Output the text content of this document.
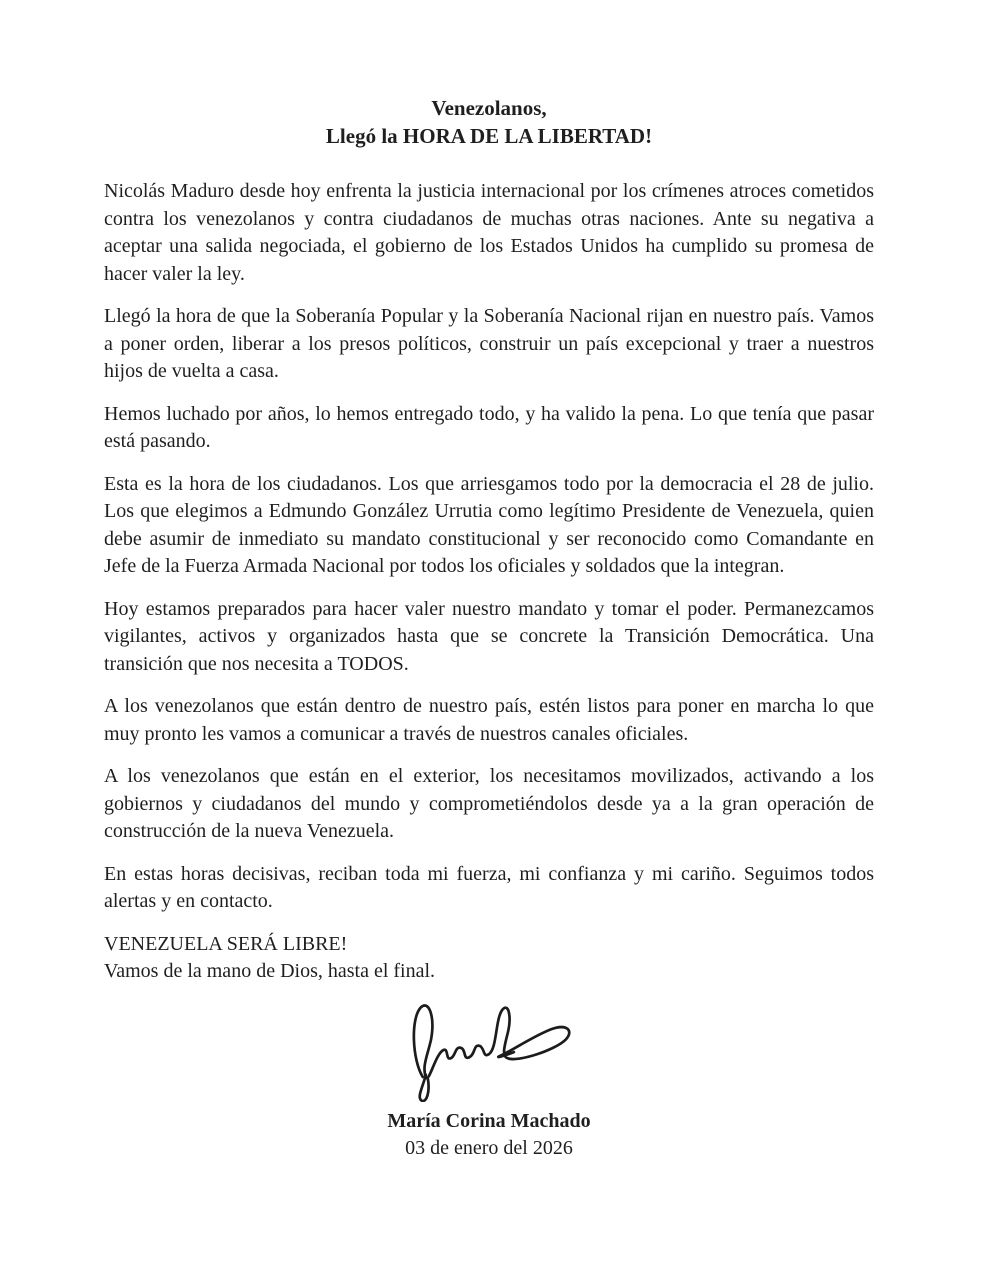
Venezolanos,
Llegó la HORA DE LA LIBERTAD!

Nicolás Maduro desde hoy enfrenta la justicia internacional por los crímenes atroces cometidos contra los venezolanos y contra ciudadanos de muchas otras naciones. Ante su negativa a aceptar una salida negociada, el gobierno de los Estados Unidos ha cumplido su promesa de hacer valer la ley.

Llegó la hora de que la Soberanía Popular y la Soberanía Nacional rijan en nuestro país. Vamos a poner orden, liberar a los presos políticos, construir un país excepcional y traer a nuestros hijos de vuelta a casa.

Hemos luchado por años, lo hemos entregado todo, y ha valido la pena. Lo que tenía que pasar está pasando.

Esta es la hora de los ciudadanos. Los que arriesgamos todo por la democracia el 28 de julio. Los que elegimos a Edmundo González Urrutia como legítimo Presidente de Venezuela, quien debe asumir de inmediato su mandato constitucional y ser reconocido como Comandante en Jefe de la Fuerza Armada Nacional por todos los oficiales y soldados que la integran.

Hoy estamos preparados para hacer valer nuestro mandato y tomar el poder. Permanezcamos vigilantes, activos y organizados hasta que se concrete la Transición Democrática. Una transición que nos necesita a TODOS.

A los venezolanos que están dentro de nuestro país, estén listos para poner en marcha lo que muy pronto les vamos a comunicar a través de nuestros canales oficiales.

A los venezolanos que están en el exterior, los necesitamos movilizados, activando a los gobiernos y ciudadanos del mundo y comprometiéndolos desde ya a la gran operación de construcción de la nueva Venezuela.

En estas horas decisivas, reciban toda mi fuerza, mi confianza y mi cariño. Seguimos todos alertas y en contacto.

VENEZUELA SERÁ LIBRE!

Vamos de la mano de Dios, hasta el final.

María Corina Machado
03 de enero del 2026
